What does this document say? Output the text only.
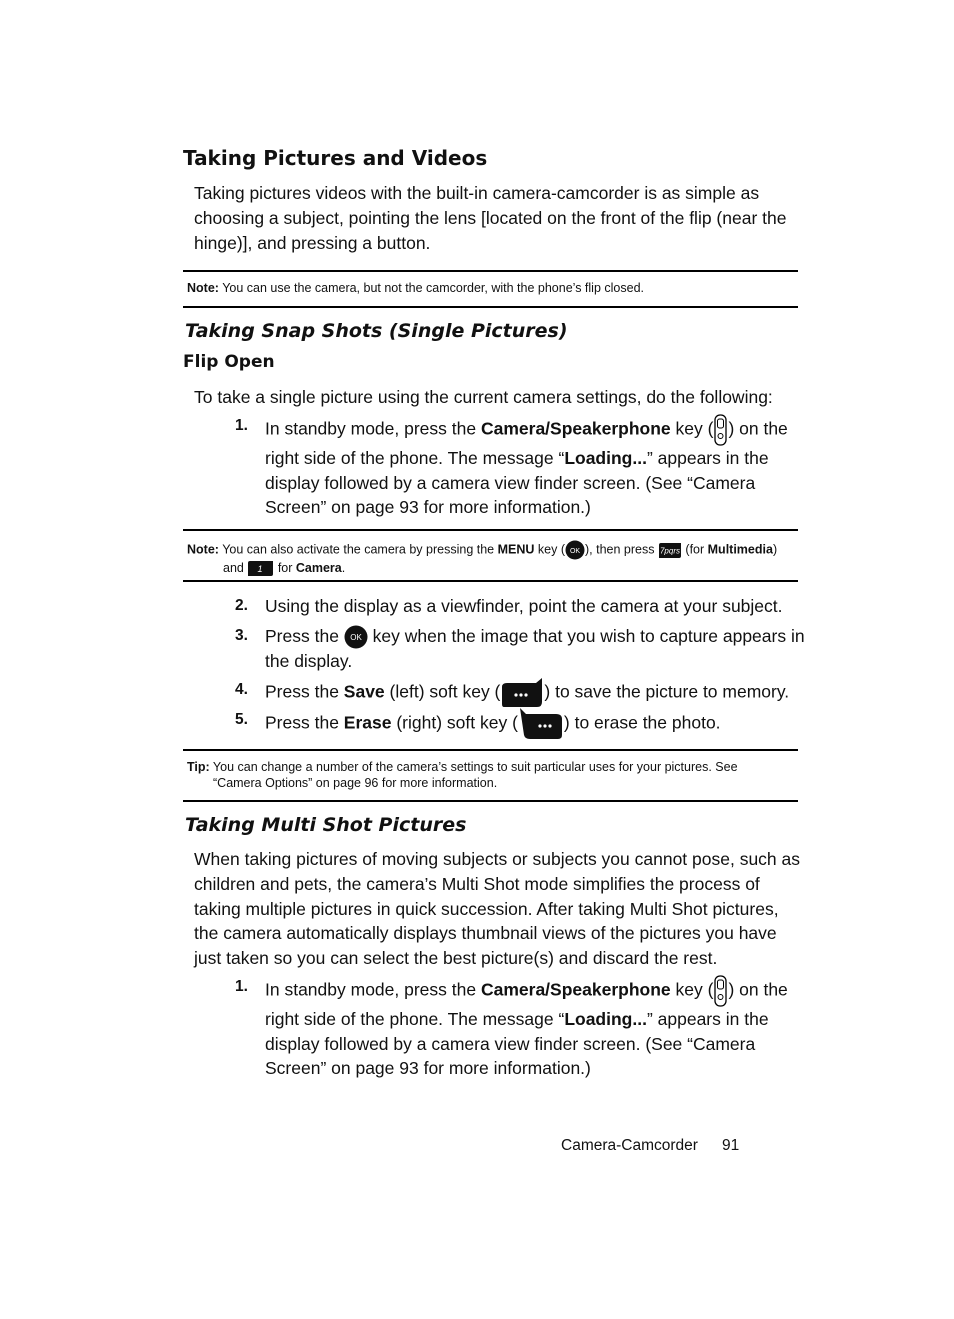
Taking Pictures and Videos
Taking pictures videos with the built-in camera-camcorder is as simple as choosing a subject, pointing the lens [located on the front of the flip (near the hinge)], and pressing a button.
Note: You can use the camera, but not the camcorder, with the phone’s flip closed.
Taking Snap Shots (Single Pictures)
Flip Open
To take a single picture using the current camera settings, do the following:
1. In standby mode, press the Camera/Speakerphone key ( ) on the right side of the phone. The message “Loading...” appears in the display followed by a camera view finder screen. (See “Camera Screen” on page 93 for more information.)
Note: You can also activate the camera by pressing the MENU key ( OK ), then press 7pqrs (for Multimedia)
and 1 for Camera.
2. Using the display as a viewfinder, point the camera at your subject.
3. Press the OK key when the image that you wish to capture appears in the display.
4. Press the Save (left) soft key (	) to save the picture to memory.
5. Press the Erase (right) soft key (	) to erase the photo.
Tip: You can change a number of the camera’s settings to suit particular uses for your pictures. See
“Camera Options” on page 96 for more information.
Taking Multi Shot Pictures
When taking pictures of moving subjects or subjects you cannot pose, such as children and pets, the camera’s Multi Shot mode simplifies the process of taking multiple pictures in quick succession. After taking Multi Shot pictures, the camera automatically displays thumbnail views of the pictures you have just taken so you can select the best picture(s) and discard the rest.
1. In standby mode, press the Camera/Speakerphone key ( ) on the right side of the phone. The message “Loading...” appears in the display followed by a camera view finder screen. (See “Camera Screen” on page 93 for more information.)
Camera-Camcorder 91
